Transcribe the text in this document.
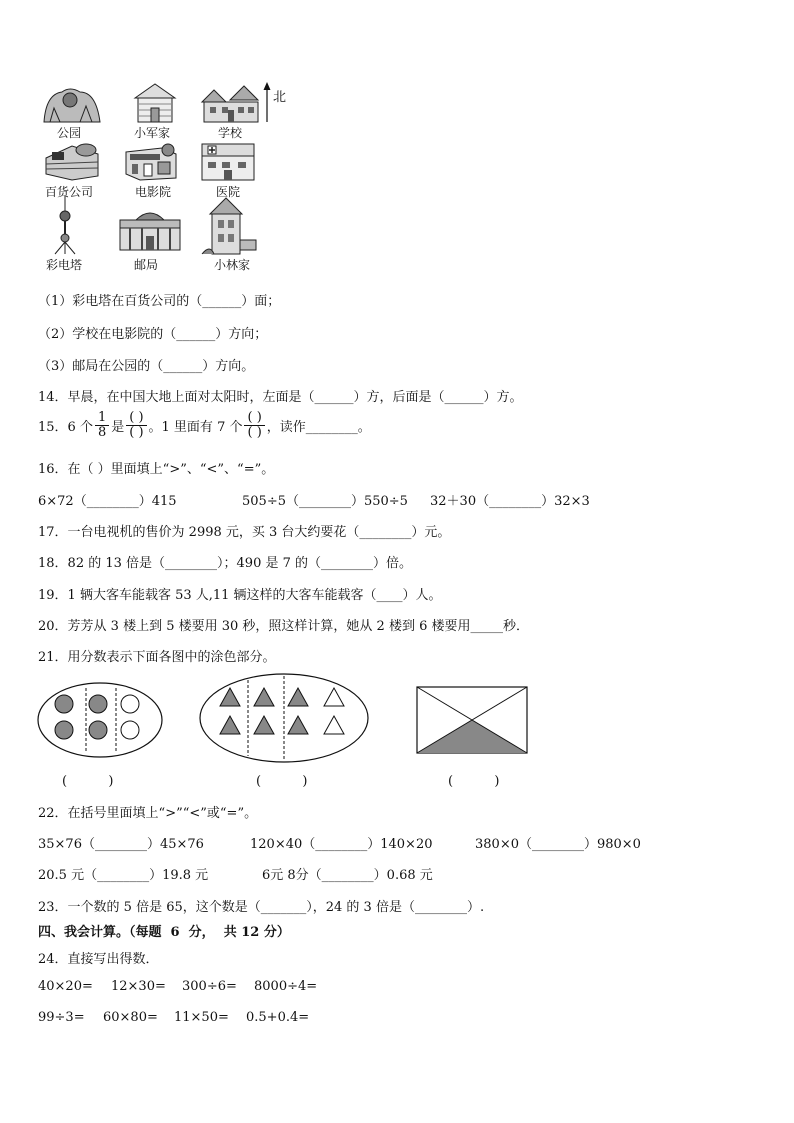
北
公园	小军家	学校
百货公司	电影院	医院
彩电塔	邮局	小林家
（1）彩电塔在百货公司的（______）面；
（2）学校在电影院的（______）方向；
（3）邮局在公园的（______）方向。
14．早晨，在中国大地上面对太阳时，左面是（______）方，后面是（______）方。
15．6 个 $\frac{1}{8}$ 是 $\frac{( )}{( )}$ 。1 里面有 7 个 $\frac{( )}{( )}$ ，读作________。
16．在（ ）里面填上“>”、“<”、“=”。
6×72（________）415	505÷5（________）550÷5 32＋30（________）32×3
17．一台电视机的售价为 2998 元，买 3 台大约要花（________）元。
18．82 的 13 倍是（________）；490 是 7 的（________）倍。
19．1 辆大客车能载客 53 人,11 辆这样的大客车能载客（____）人。
20．芳芳从 3 楼上到 5 楼要用 30 秒，照这样计算，她从 2 楼到 6 楼要用_____秒．
21．用分数表示下面各图中的涂色部分。
(          )	(          )	(          )
22．在括号里面填上“>”“<”或“=”。
35×76（________）45×76	120×40（________）140×20	380×0（________）980×0
20.5 元（________）19.8 元	6元 8分（________）0.68 元
23．一个数的 5 倍是 65，这个数是（_______），24 的 3 倍是（________）.
四、我会计算。（每题  6  分，  共 12 分）
24．直接写出得数．
40×20= 12×30= 300÷6= 8000÷4=
99÷3= 60×80= 11×50= 0.5+0.4=
